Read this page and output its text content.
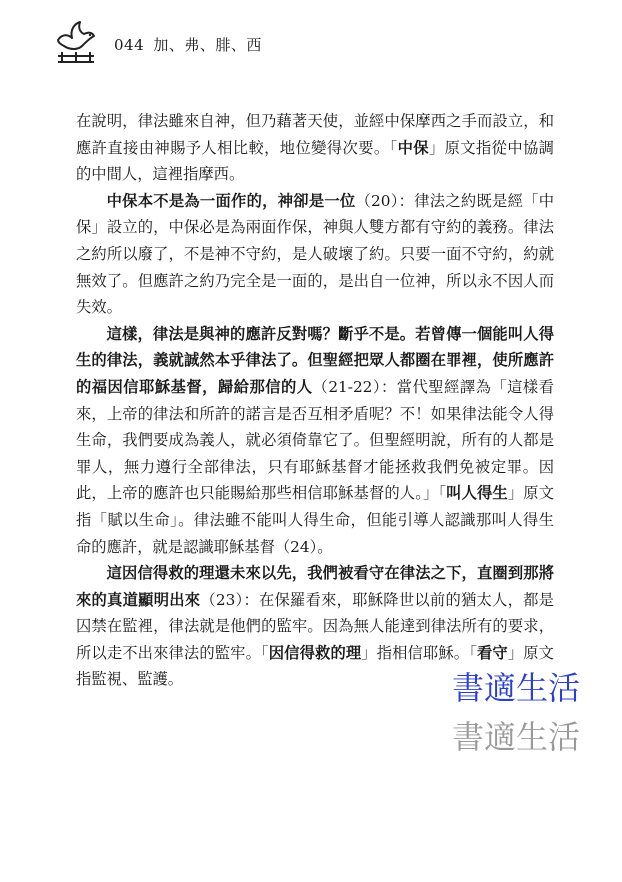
044 加、弗、腓、西

在說明，律法雖來自神，但乃藉著天使，並經中保摩西之手而設立，和應許直接由神賜予人相比較，地位變得次要。「中保」原文指從中協調的中間人，這裡指摩西。

中保本不是為一面作的，神卻是一位（20）：律法之約既是經「中保」設立的，中保必是為兩面作保，神與人雙方都有守約的義務。律法之約所以廢了，不是神不守約，是人破壞了約。只要一面不守約，約就無效了。但應許之約乃完全是一面的，是出自一位神，所以永不因人而失效。

這樣，律法是與神的應許反對嗎？斷乎不是。若曾傳一個能叫人得生的律法，義就誠然本乎律法了。但聖經把眾人都圈在罪裡，使所應許的福因信耶穌基督，歸給那信的人（21-22）：當代聖經譯為「這樣看來，上帝的律法和所許的諾言是否互相矛盾呢？不！如果律法能令人得生命，我們要成為義人，就必須倚靠它了。但聖經明說，所有的人都是罪人，無力遵行全部律法，只有耶穌基督才能拯救我們免被定罪。因此，上帝的應許也只能賜給那些相信耶穌基督的人。」「叫人得生」原文指「賦以生命」。律法雖不能叫人得生命，但能引導人認識那叫人得生命的應許，就是認識耶穌基督（24）。

這因信得救的理還未來以先，我們被看守在律法之下，直圈到那將來的真道顯明出來（23）：在保羅看來，耶穌降世以前的猶太人，都是囚禁在監裡，律法就是他們的監牢。因為無人能達到律法所有的要求，所以走不出來律法的監牢。「因信得救的理」指相信耶穌。「看守」原文指監視、監護。	書適生活
書適生活
